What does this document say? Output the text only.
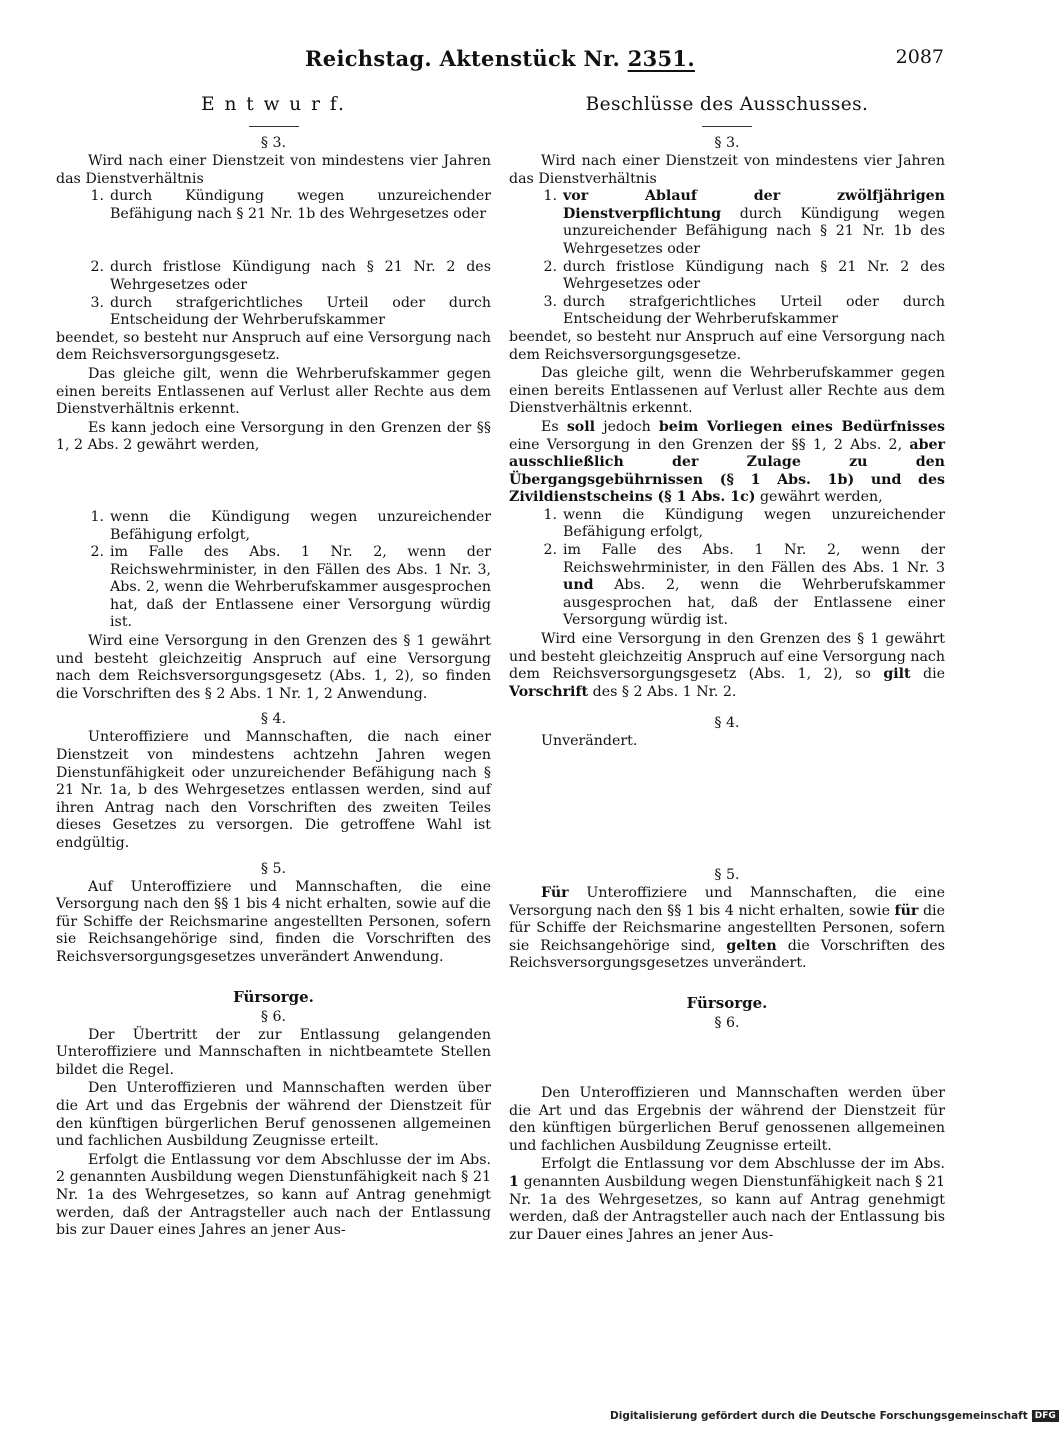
Reichstag. Aktenstück Nr. 2351.	2087
E n t w u r f.
§ 3.

Wird nach einer Dienstzeit von mindestens vier Jahren das Dienstverhältnis

1. durch Kündigung wegen unzureichender Befähigung nach § 21 Nr. 1b des Wehrgesetzes oder
2. durch fristlose Kündigung nach § 21 Nr. 2 des Wehrgesetzes oder
3. durch strafgerichtliches Urteil oder durch Entscheidung der Wehrberufskammer

beendet, so besteht nur Anspruch auf eine Versorgung nach dem Reichsversorgungsgesetz.

Das gleiche gilt, wenn die Wehrberufskammer gegen einen bereits Entlassenen auf Verlust aller Rechte aus dem Dienstverhältnis erkennt.

Es kann jedoch eine Versorgung in den Grenzen der §§ 1, 2 Abs. 2 gewährt werden,

1. wenn die Kündigung wegen unzureichender Befähigung erfolgt,
2. im Falle des Abs. 1 Nr. 2, wenn der Reichswehrminister, in den Fällen des Abs. 1 Nr. 3, Abs. 2, wenn die Wehrberufskammer ausgesprochen hat, daß der Entlassene einer Versorgung würdig ist.

Wird eine Versorgung in den Grenzen des § 1 gewährt und besteht gleichzeitig Anspruch auf eine Versorgung nach dem Reichsversorgungsgesetz (Abs. 1, 2), so finden die Vorschriften des § 2 Abs. 1 Nr. 1, 2 Anwendung.

§ 4.

Unteroffiziere und Mannschaften, die nach einer Dienstzeit von mindestens achtzehn Jahren wegen Dienstunfähigkeit oder unzureichender Befähigung nach § 21 Nr. 1a, b des Wehrgesetzes entlassen werden, sind auf ihren Antrag nach den Vorschriften des zweiten Teiles dieses Gesetzes zu versorgen. Die getroffene Wahl ist endgültig.

§ 5.

Auf Unteroffiziere und Mannschaften, die eine Versorgung nach den §§ 1 bis 4 nicht erhalten, sowie auf die für Schiffe der Reichsmarine angestellten Personen, sofern sie Reichsangehörige sind, finden die Vorschriften des Reichsversorgungsgesetzes unverändert Anwendung.

Fürsorge.
§ 6.

Der Übertritt der zur Entlassung gelangenden Unteroffiziere und Mannschaften in nichtbeamtete Stellen bildet die Regel.

Den Unteroffizieren und Mannschaften werden über die Art und das Ergebnis der während der Dienstzeit für den künftigen bürgerlichen Beruf genossenen allgemeinen und fachlichen Ausbildung Zeugnisse erteilt.

Erfolgt die Entlassung vor dem Abschlusse der im Abs. 2 genannten Ausbildung wegen Dienstunfähigkeit nach § 21 Nr. 1a des Wehrgesetzes, so kann auf Antrag genehmigt werden, daß der Antragsteller auch nach der Entlassung bis zur Dauer eines Jahres an jener Aus-

Beschlüsse des Ausschusses.
§ 3.

Wird nach einer Dienstzeit von mindestens vier Jahren das Dienstverhältnis

1. vor Ablauf der zwölfjährigen Dienstverpflichtung durch Kündigung wegen unzureichender Befähigung nach § 21 Nr. 1b des Wehrgesetzes oder
2. durch fristlose Kündigung nach § 21 Nr. 2 des Wehrgesetzes oder
3. durch strafgerichtliches Urteil oder durch Entscheidung der Wehrberufskammer

beendet, so besteht nur Anspruch auf eine Versorgung nach dem Reichsversorgungsgesetze.

Das gleiche gilt, wenn die Wehrberufskammer gegen einen bereits Entlassenen auf Verlust aller Rechte aus dem Dienstverhältnis erkennt.

Es soll jedoch beim Vorliegen eines Bedürfnisses eine Versorgung in den Grenzen der §§ 1, 2 Abs. 2, aber ausschließlich der Zulage zu den Übergangsgebührnissen (§ 1 Abs. 1b) und des Zivildienstscheins (§ 1 Abs. 1c) gewährt werden,

1. wenn die Kündigung wegen unzureichender Befähigung erfolgt,
2. im Falle des Abs. 1 Nr. 2, wenn der Reichswehrminister, in den Fällen des Abs. 1 Nr. 3 und Abs. 2, wenn die Wehrberufskammer ausgesprochen hat, daß der Entlassene einer Versorgung würdig ist.

Wird eine Versorgung in den Grenzen des § 1 gewährt und besteht gleichzeitig Anspruch auf eine Versorgung nach dem Reichsversorgungsgesetz (Abs. 1, 2), so gilt die Vorschrift des § 2 Abs. 1 Nr. 2.

§ 4.

Unverändert.

§ 5.

Für Unteroffiziere und Mannschaften, die eine Versorgung nach den §§ 1 bis 4 nicht erhalten, sowie für die für Schiffe der Reichsmarine angestellten Personen, sofern sie Reichsangehörige sind, gelten die Vorschriften des Reichsversorgungsgesetzes unverändert.

Fürsorge.
§ 6.

Den Unteroffizieren und Mannschaften werden über die Art und das Ergebnis der während der Dienstzeit für den künftigen bürgerlichen Beruf genossenen allgemeinen und fachlichen Ausbildung Zeugnisse erteilt.

Erfolgt die Entlassung vor dem Abschlusse der im Abs. 1 genannten Ausbildung wegen Dienstunfähigkeit nach § 21 Nr. 1a des Wehrgesetzes, so kann auf Antrag genehmigt werden, daß der Antragsteller auch nach der Entlassung bis zur Dauer eines Jahres an jener Aus-

Digitalisierung gefördert durch die Deutsche Forschungsgemeinschaft DFG
